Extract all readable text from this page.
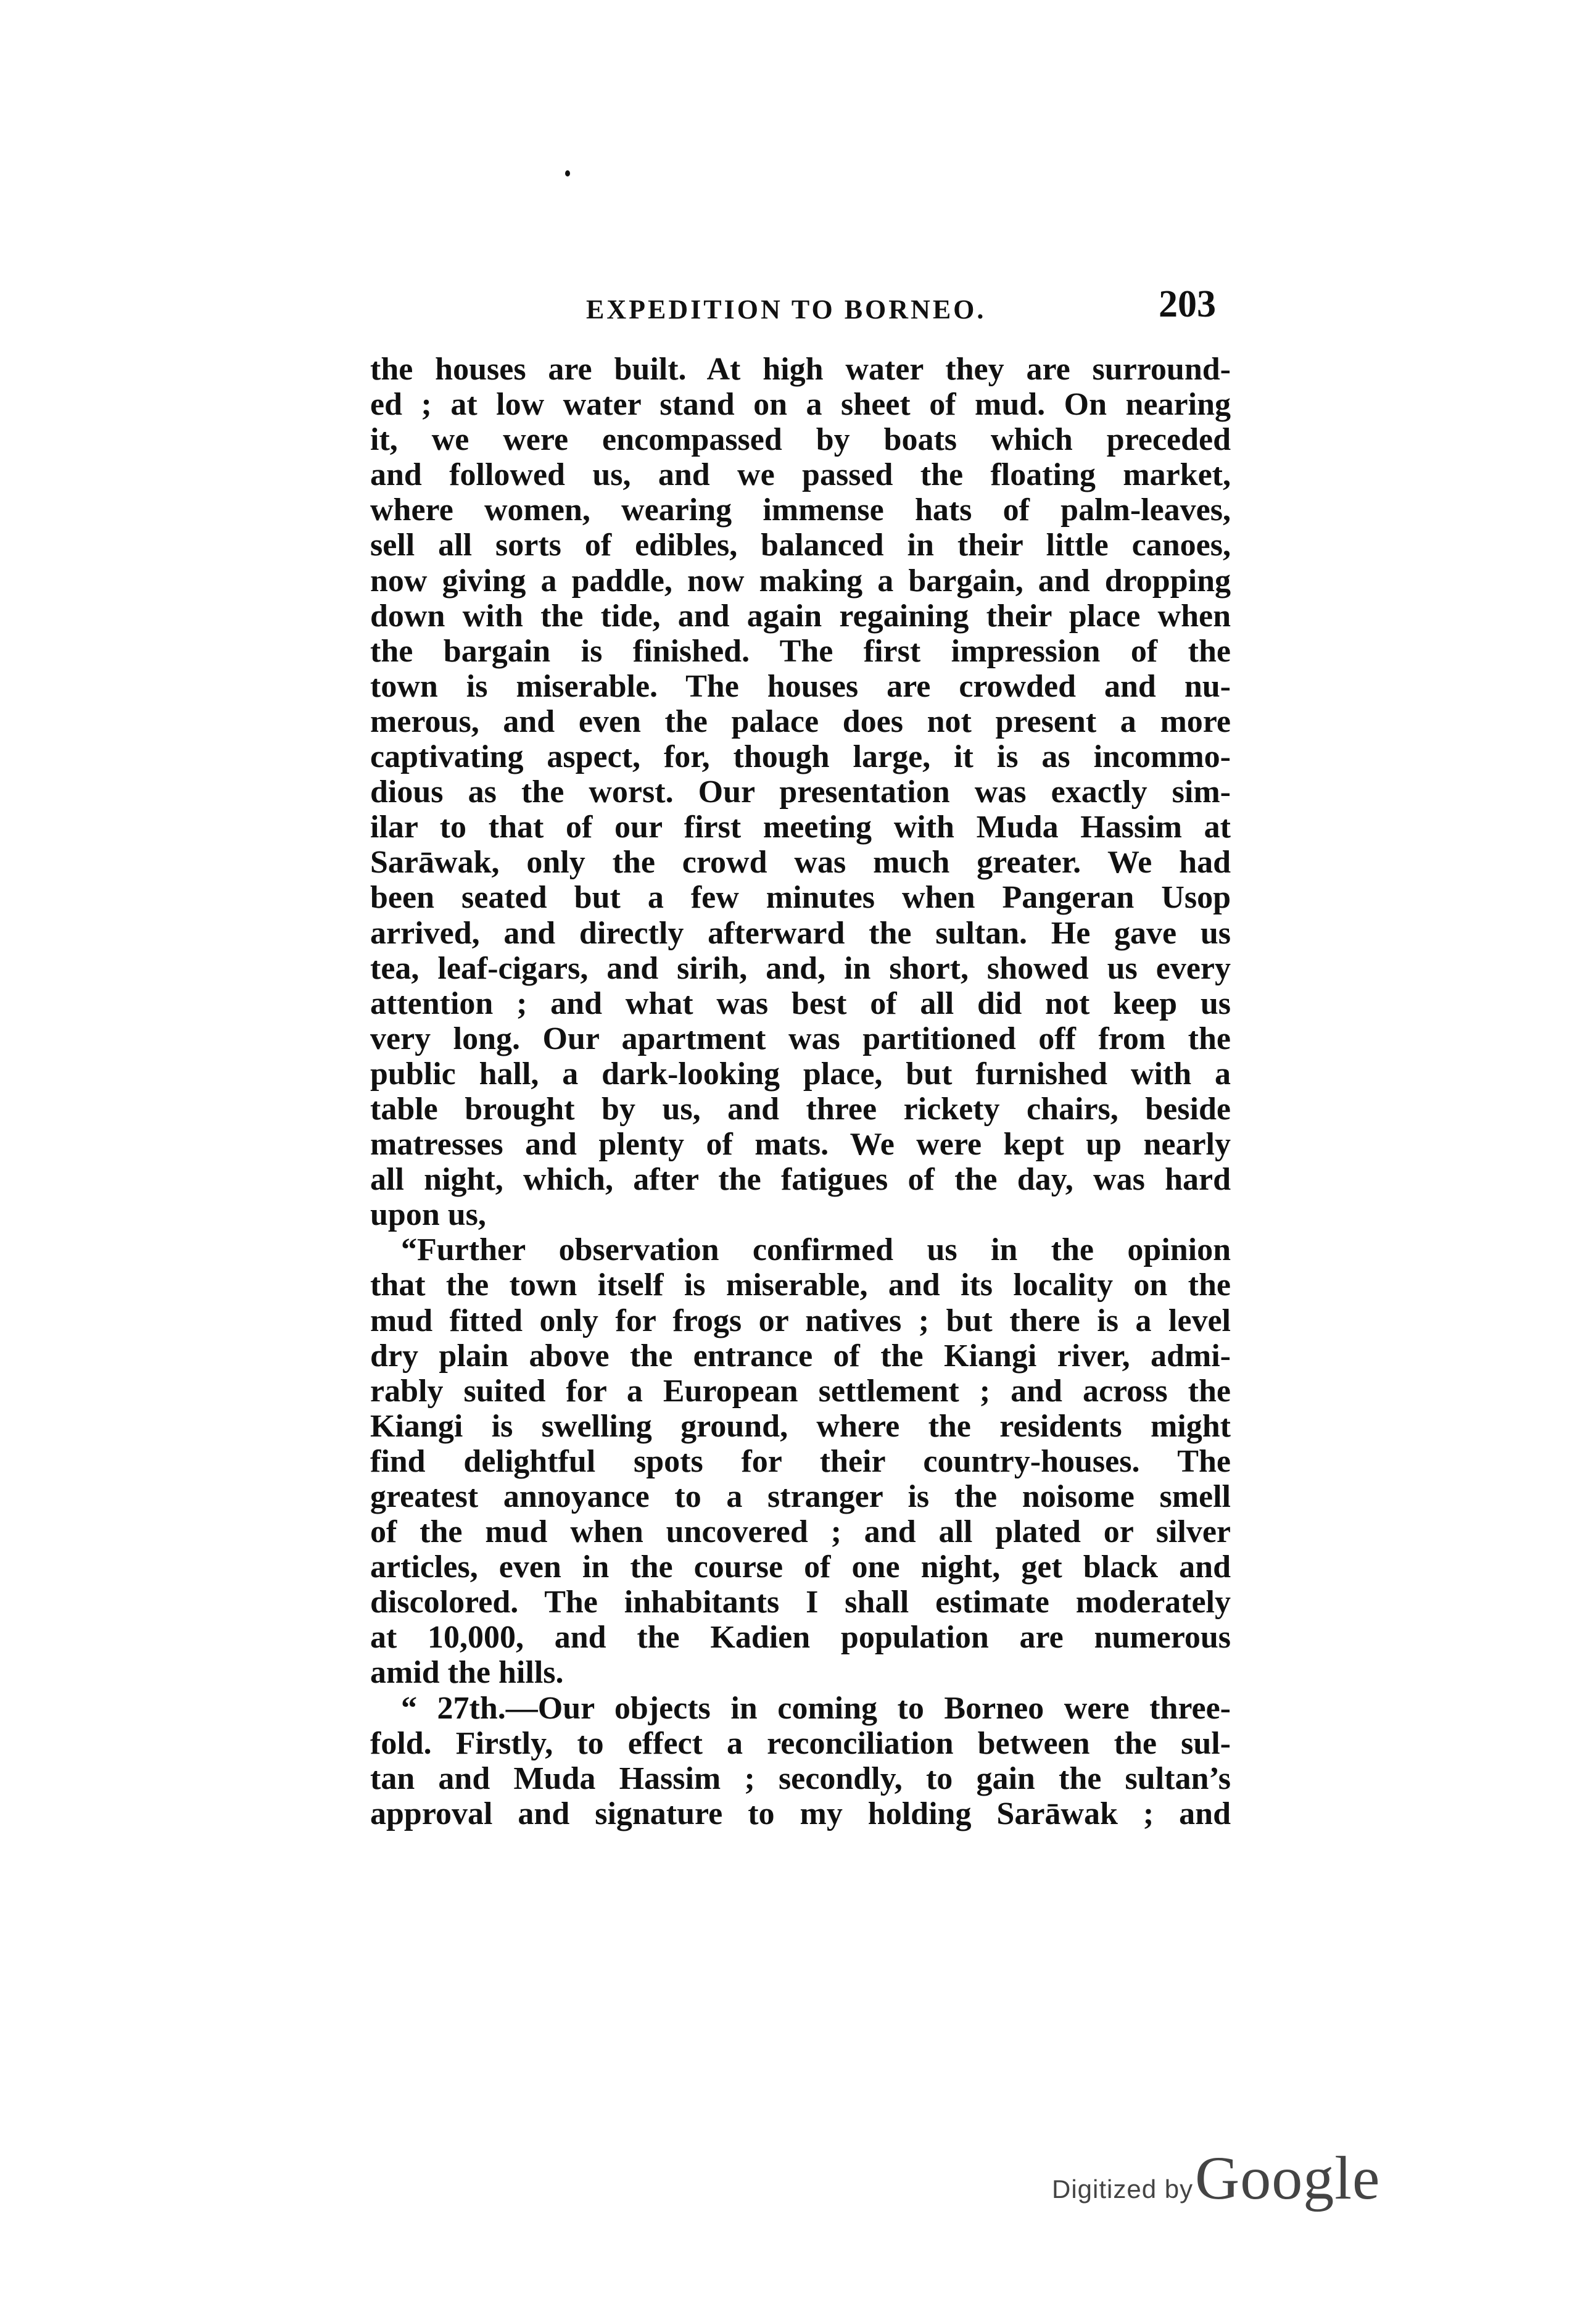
EXPEDITION TO BORNEO.	203
the houses are built. At high water they are surround-
ed ; at low water stand on a sheet of mud. On nearing
it, we were encompassed by boats which preceded
and followed us, and we passed the floating market,
where women, wearing immense hats of palm-leaves,
sell all sorts of edibles, balanced in their little canoes,
now giving a paddle, now making a bargain, and dropping
down with the tide, and again regaining their place when
the bargain is finished. The first impression of the
town is miserable. The houses are crowded and nu-
merous, and even the palace does not present a more
captivating aspect, for, though large, it is as incommo-
dious as the worst. Our presentation was exactly sim-
ilar to that of our first meeting with Muda Hassim at
Sarāwak, only the crowd was much greater. We had
been seated but a few minutes when Pangeran Usop
arrived, and directly afterward the sultan. He gave us
tea, leaf-cigars, and sirih, and, in short, showed us every
attention ; and what was best of all did not keep us
very long. Our apartment was partitioned off from the
public hall, a dark-looking place, but furnished with a
table brought by us, and three rickety chairs, beside
matresses and plenty of mats. We were kept up nearly
all night, which, after the fatigues of the day, was hard
upon us,
“Further observation confirmed us in the opinion
that the town itself is miserable, and its locality on the
mud fitted only for frogs or natives ; but there is a level
dry plain above the entrance of the Kiangi river, admi-
rably suited for a European settlement ; and across the
Kiangi is swelling ground, where the residents might
find delightful spots for their country-houses. The
greatest annoyance to a stranger is the noisome smell
of the mud when uncovered ; and all plated or silver
articles, even in the course of one night, get black and
discolored. The inhabitants I shall estimate moderately
at 10,000, and the Kadien population are numerous
amid the hills.
“ 27th.—Our objects in coming to Borneo were three-
fold. Firstly, to effect a reconciliation between the sul-
tan and Muda Hassim ; secondly, to gain the sultan’s
approval and signature to my holding Sarāwak ; and
Digitized by Google
